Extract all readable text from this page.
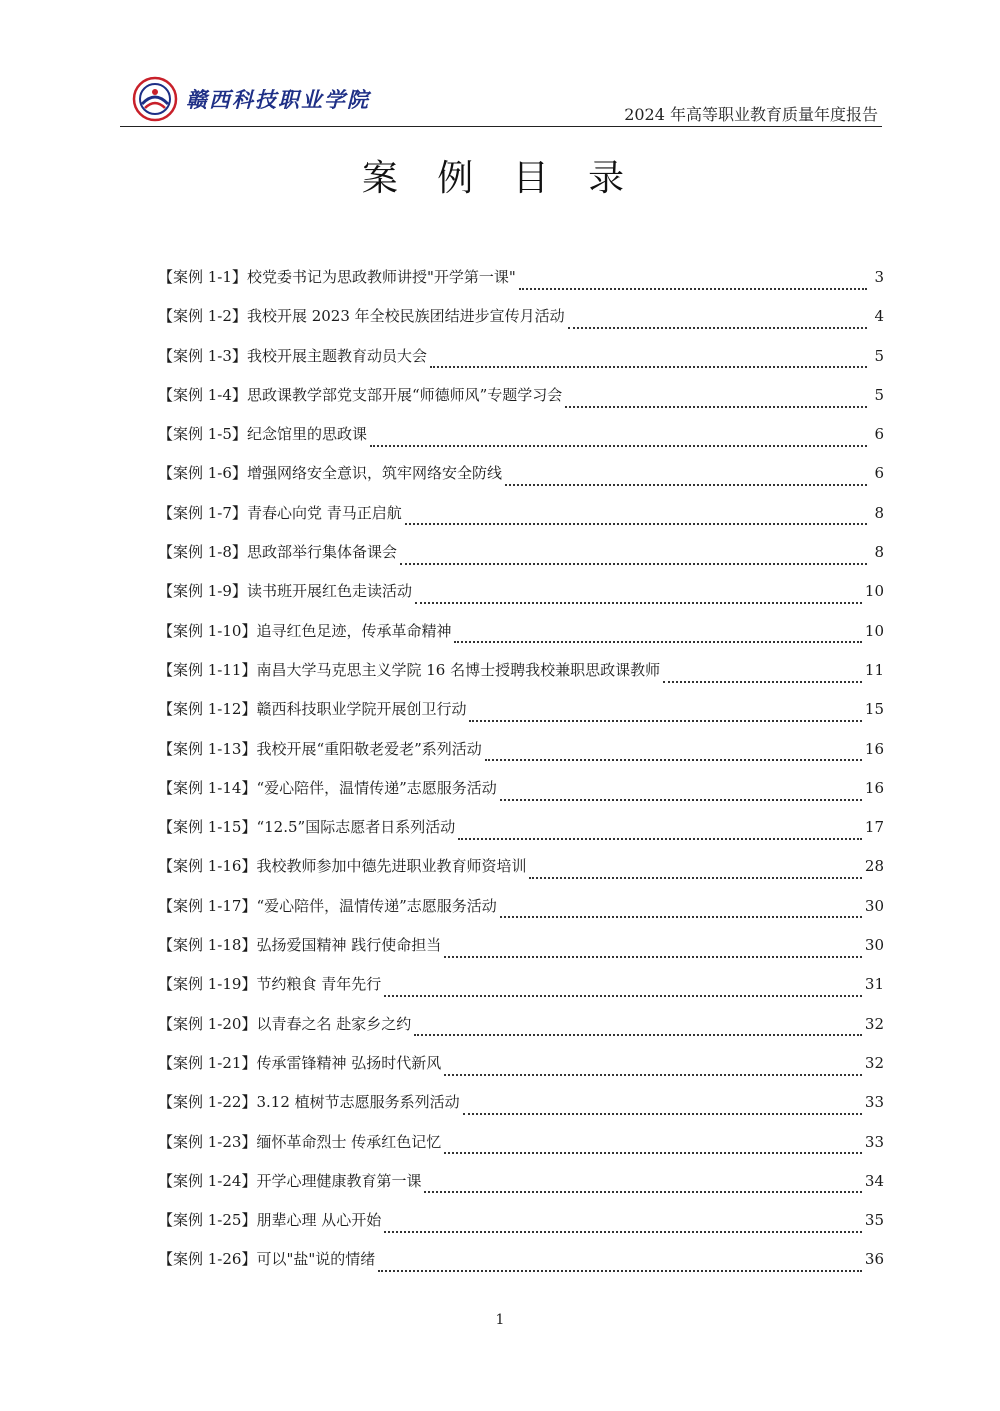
赣西科技职业学院
2024 年高等职业教育质量年度报告
案 例 目 录
【案例 1-1】 校党委书记为思政教师讲授"开学第一课"	3
【案例 1-2】 我校开展 2023 年全校民族团结进步宣传月活动	4
【案例 1-3】 我校开展主题教育动员大会	5
【案例 1-4】 思政课教学部党支部开展“师德师风”专题学习会	5
【案例 1-5】 纪念馆里的思政课	6
【案例 1-6】 增强网络安全意识，筑牢网络安全防线	6
【案例 1-7】 青春心向党 青马正启航	8
【案例 1-8】 思政部举行集体备课会	8
【案例 1-9】 读书班开展红色走读活动	10
【案例 1-10】 追寻红色足迹，传承革命精神	10
【案例 1-11】 南昌大学马克思主义学院 16 名博士授聘我校兼职思政课教师	11
【案例 1-12】 赣西科技职业学院开展创卫行动	15
【案例 1-13】 我校开展“重阳敬老爱老”系列活动	16
【案例 1-14】 “爱心陪伴，温情传递”志愿服务活动	16
【案例 1-15】 “12.5”国际志愿者日系列活动	17
【案例 1-16】 我校教师参加中德先进职业教育师资培训	28
【案例 1-17】 “爱心陪伴，温情传递”志愿服务活动	30
【案例 1-18】 弘扬爱国精神 践行使命担当	30
【案例 1-19】 节约粮食 青年先行	31
【案例 1-20】 以青春之名 赴家乡之约	32
【案例 1-21】 传承雷锋精神 弘扬时代新风	32
【案例 1-22】 3.12 植树节志愿服务系列活动	33
【案例 1-23】 缅怀革命烈士 传承红色记忆	33
【案例 1-24】 开学心理健康教育第一课	34
【案例 1-25】 朋辈心理 从心开始	35
【案例 1-26】 可以"盐"说的情绪	36
1
